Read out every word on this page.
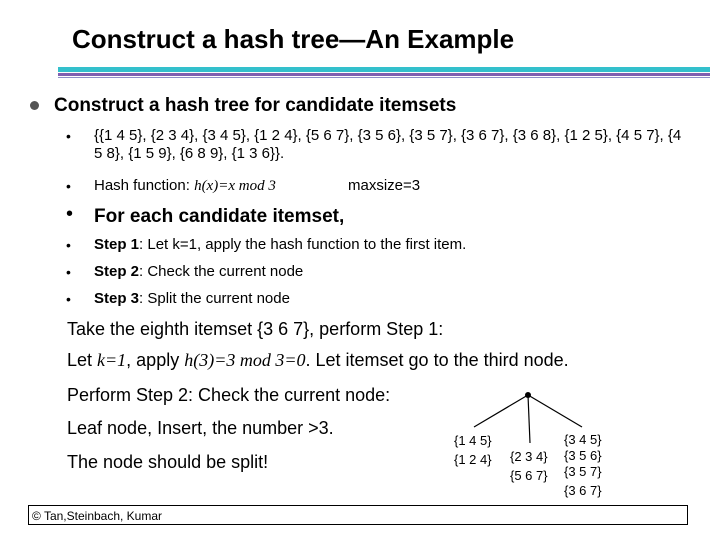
Construct a hash tree—An Example
Construct a hash tree for candidate itemsets
• {{1 4 5}, {2 3 4}, {3 4 5}, {1 2 4}, {5 6 7}, {3 5 6}, {3 5 7}, {3 6 7}, {3 6 8}, {1 2 5}, {4 5 7}, {4 5 8}, {1 5 9}, {6 8 9}, {1 3 6}}.
• Hash function: h(x)=x mod 3	maxsize=3
• For each candidate itemset,
• Step 1: Let k=1, apply the hash function to the first item.
• Step 2: Check the current node
• Step 3: Split the current node
Take the eighth itemset {3 6 7}, perform Step 1:
Let k=1, apply h(3)=3 mod 3=0. Let itemset go to the third node.
Perform Step 2: Check the current node:
Leaf node, Insert, the number >3.
The node should be split!
{1 4 5}
{1 2 4} {2 3 4}
{5 6 7}
{3 4 5}
{3 5 6}
{3 5 7}
{3 6 7}
© Tan,Steinbach, Kumar
